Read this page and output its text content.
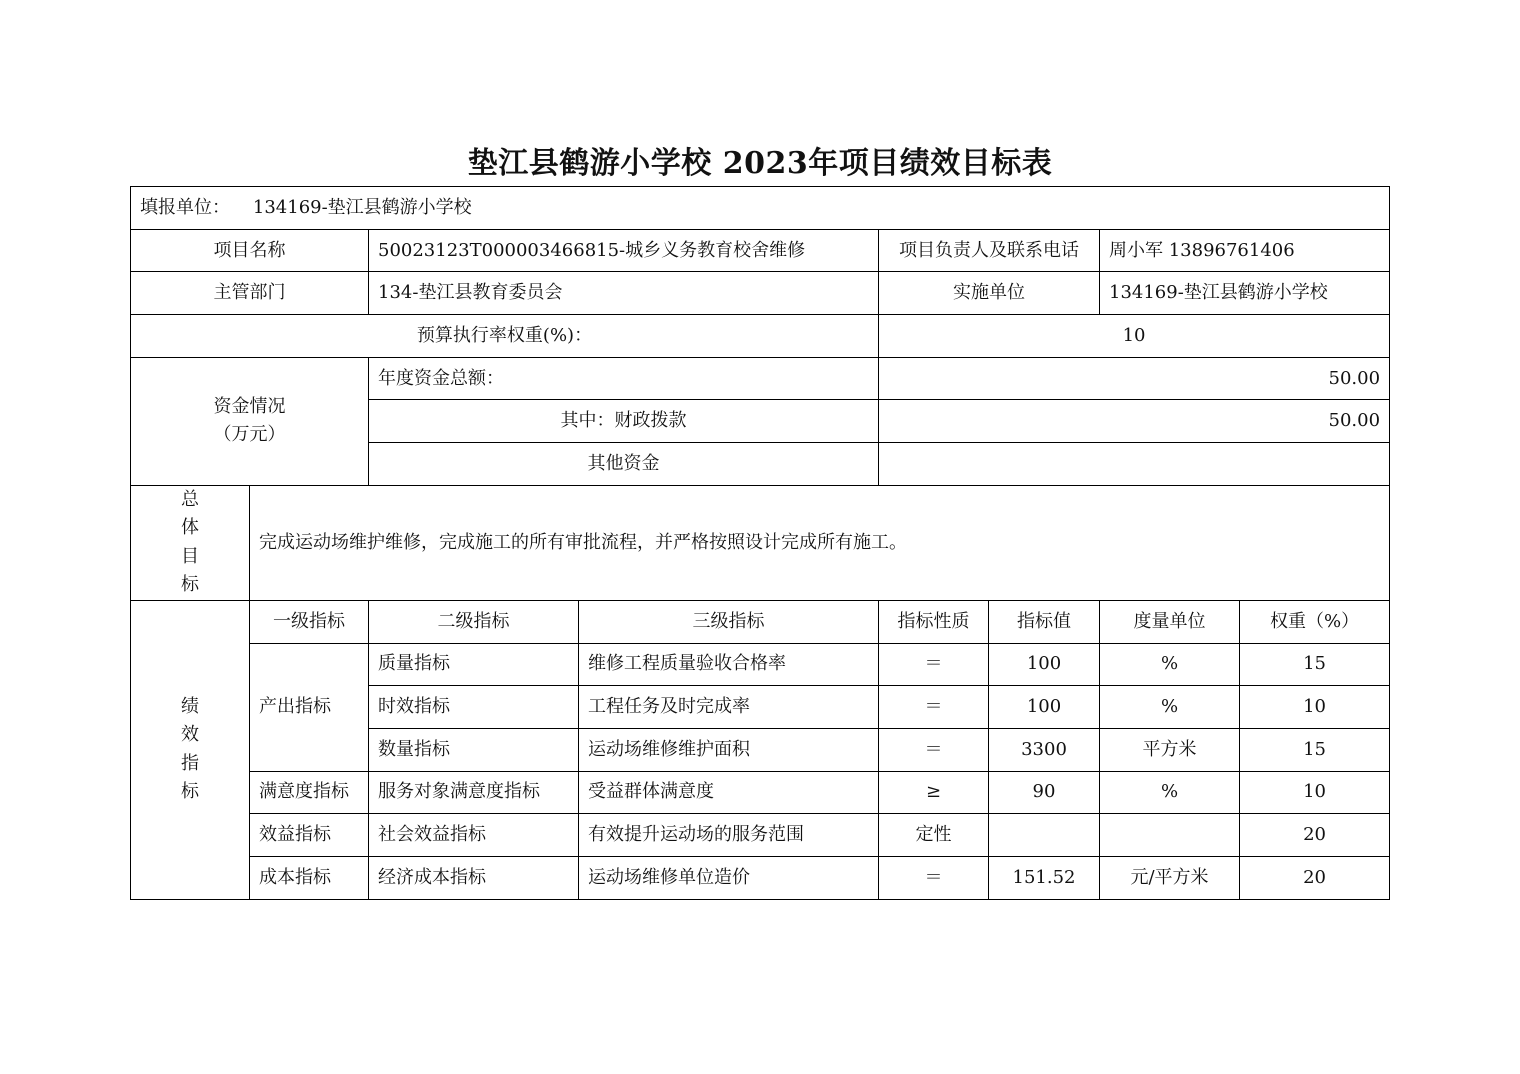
垫江县鹤游小学校 2023年项目绩效目标表
填报单位： 134169-垫江县鹤游小学校							
项目名称		50023123T000003466815-城乡义务教育校舍维修		项目负责人及联系电话		周小军 13896761406	
主管部门		134-垫江县教育委员会		实施单位		134169-垫江县鹤游小学校	
预算执行率权重(%)：				10			

资金情况
（万元）		年度资金总额：		50.00			
		其中：财政拨款		50.00			
		其他资金					

总
体
目
标	完成运动场维护维修，完成施工的所有审批流程，并严格按照设计完成所有施工。						

绩
效
指
标	一级指标	二级指标	三级指标	指标性质	指标值	度量单位	权重（%）
	产出指标	质量指标	维修工程质量验收合格率	＝	100	%	15
		时效指标	工程任务及时完成率	＝	100	%	10
		数量指标	运动场维修维护面积	＝	3300	平方米	15
	满意度指标	服务对象满意度指标	受益群体满意度	≥	90	%	10
	效益指标	社会效益指标	有效提升运动场的服务范围	定性			20
	成本指标	经济成本指标	运动场维修单位造价	＝	151.52	元/平方米	20
